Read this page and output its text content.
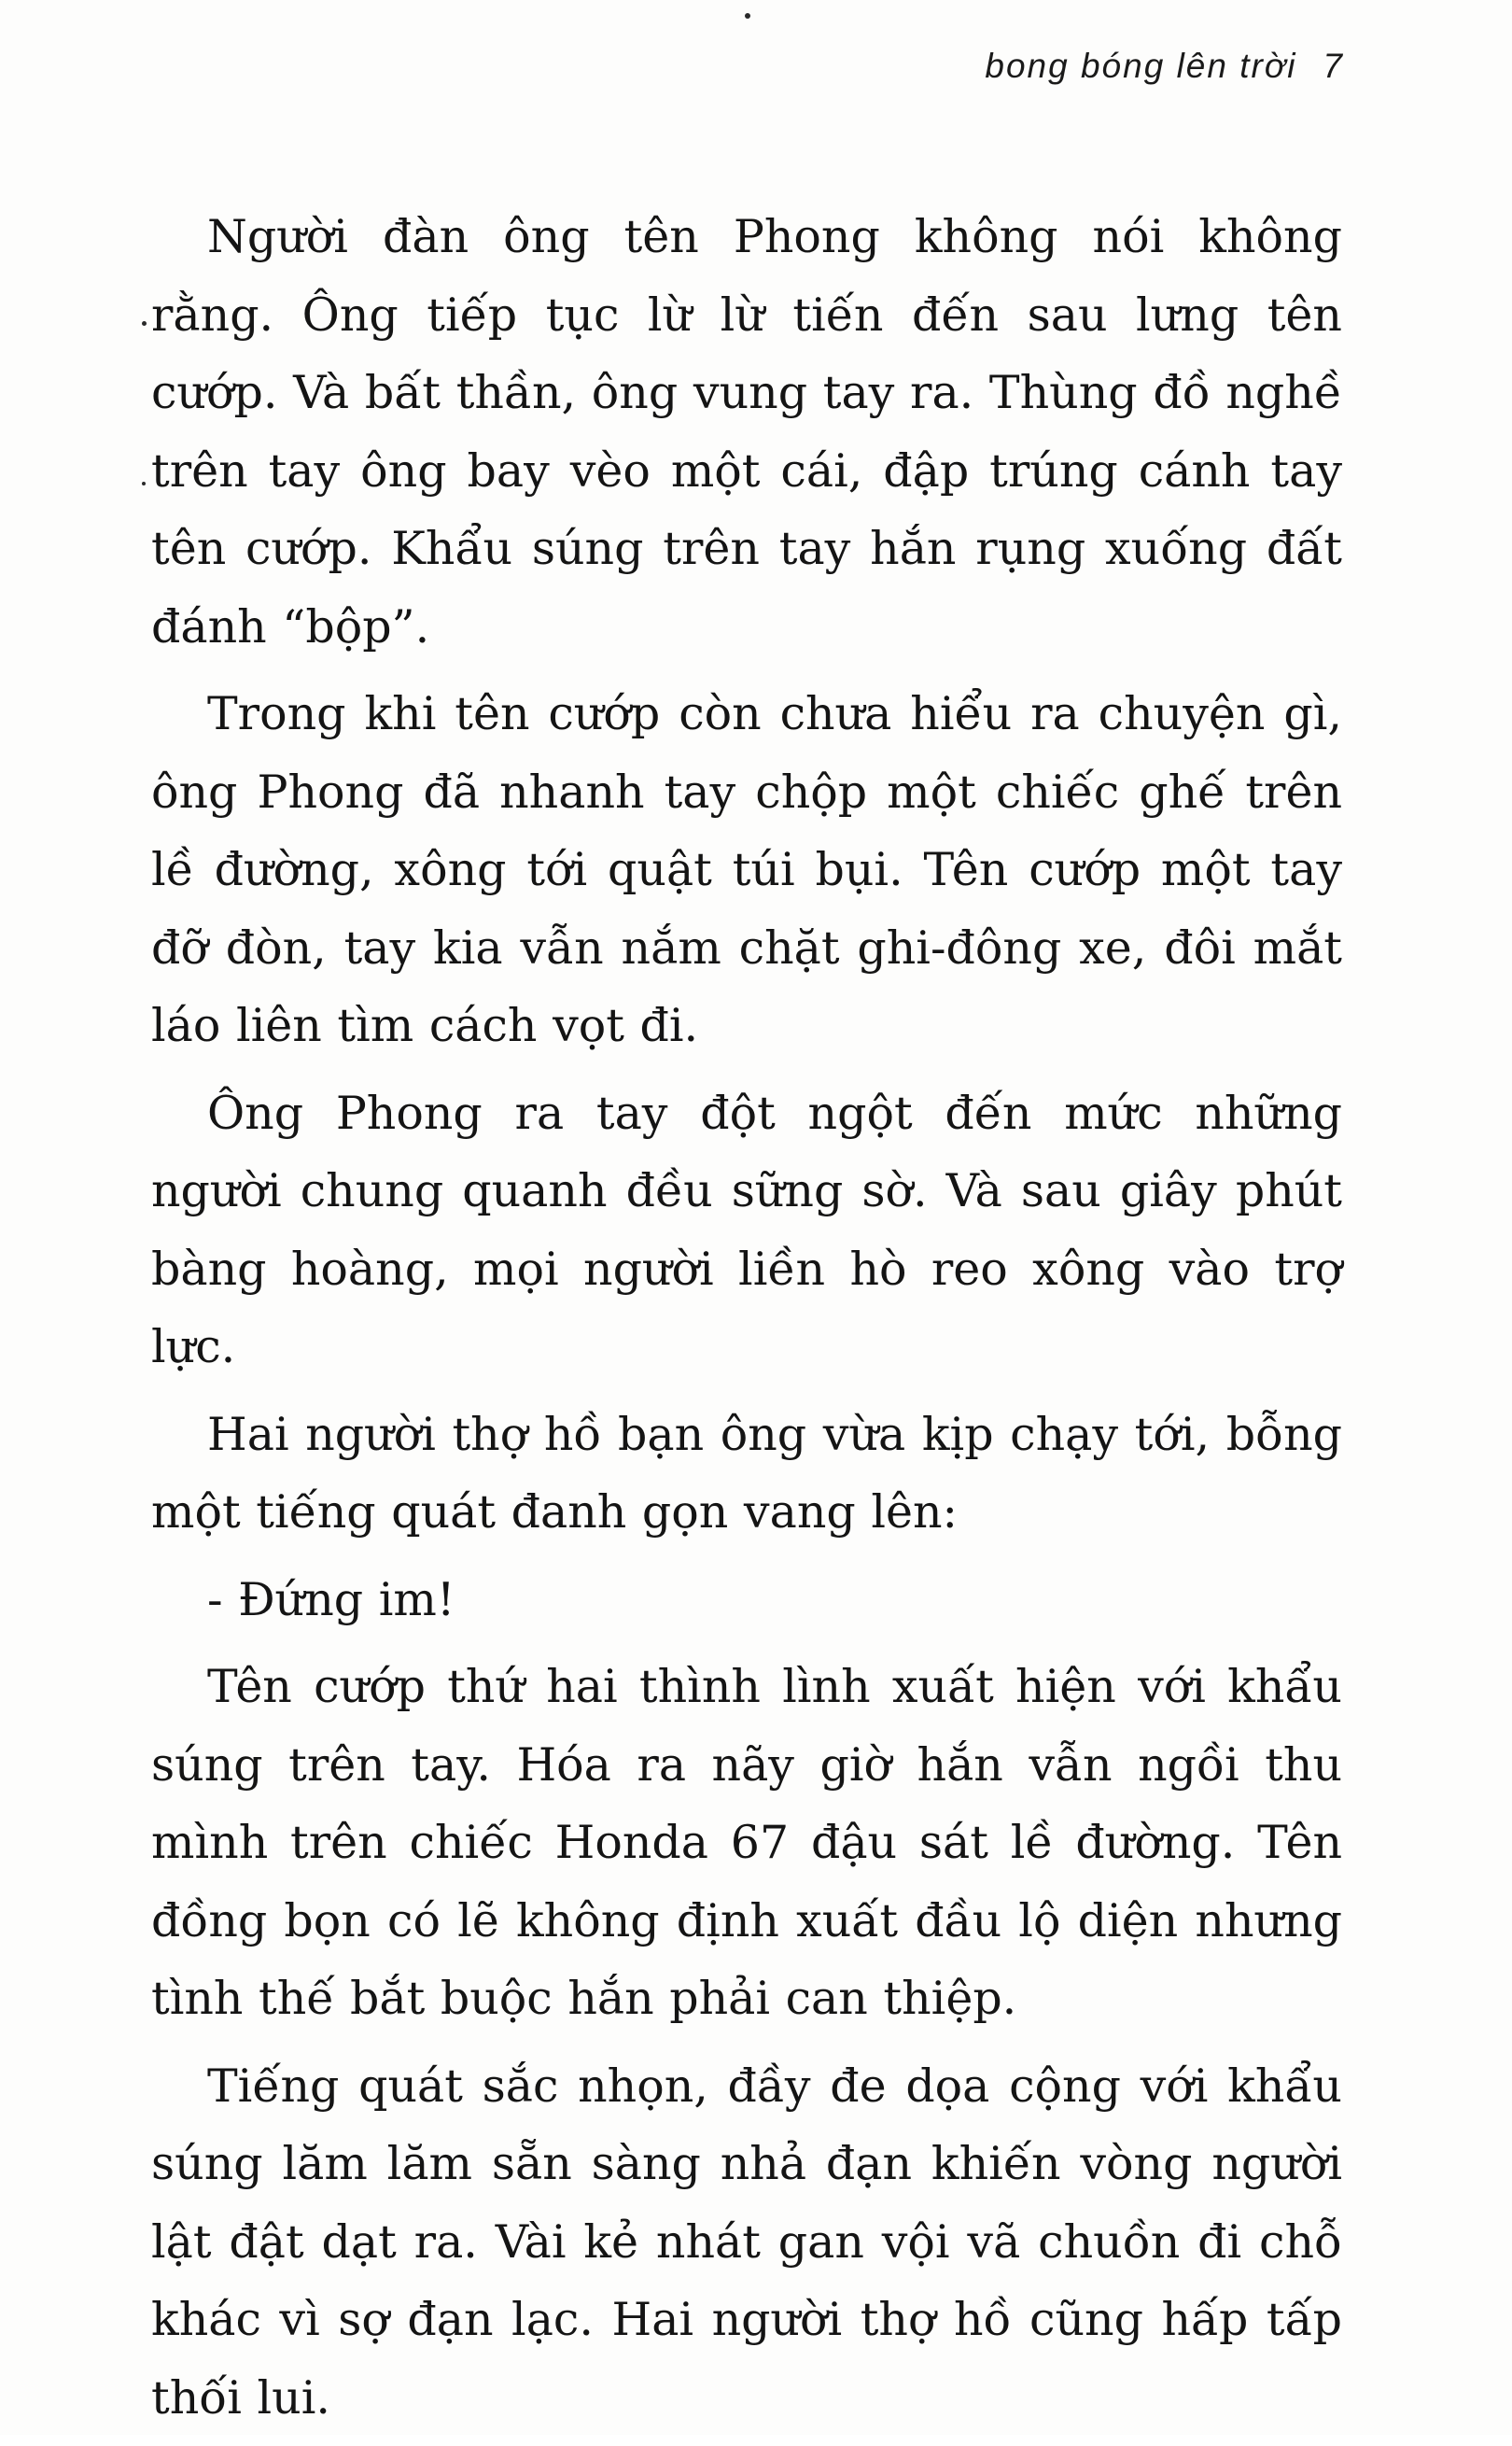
bong bóng lên trời 7

Người đàn ông tên Phong không nói không rằng. Ông tiếp tục lừ lừ tiến đến sau lưng tên cướp. Và bất thần, ông vung tay ra. Thùng đồ nghề trên tay ông bay vèo một cái, đập trúng cánh tay tên cướp. Khẩu súng trên tay hắn rụng xuống đất đánh “bộp”.

Trong khi tên cướp còn chưa hiểu ra chuyện gì, ông Phong đã nhanh tay chộp một chiếc ghế trên lề đường, xông tới quật túi bụi. Tên cướp một tay đỡ đòn, tay kia vẫn nắm chặt ghi-đông xe, đôi mắt láo liên tìm cách vọt đi.

Ông Phong ra tay đột ngột đến mức những người chung quanh đều sững sờ. Và sau giây phút bàng hoàng, mọi người liền hò reo xông vào trợ lực.

Hai người thợ hồ bạn ông vừa kịp chạy tới, bỗng một tiếng quát đanh gọn vang lên:

- Đứng im!

Tên cướp thứ hai thình lình xuất hiện với khẩu súng trên tay. Hóa ra nãy giờ hắn vẫn ngồi thu mình trên chiếc Honda 67 đậu sát lề đường. Tên đồng bọn có lẽ không định xuất đầu lộ diện nhưng tình thế bắt buộc hắn phải can thiệp.

Tiếng quát sắc nhọn, đầy đe dọa cộng với khẩu súng lăm lăm sẵn sàng nhả đạn khiến vòng người lật đật dạt ra. Vài kẻ nhát gan vội vã chuồn đi chỗ khác vì sợ đạn lạc. Hai người thợ hồ cũng hấp tấp thối lui.
